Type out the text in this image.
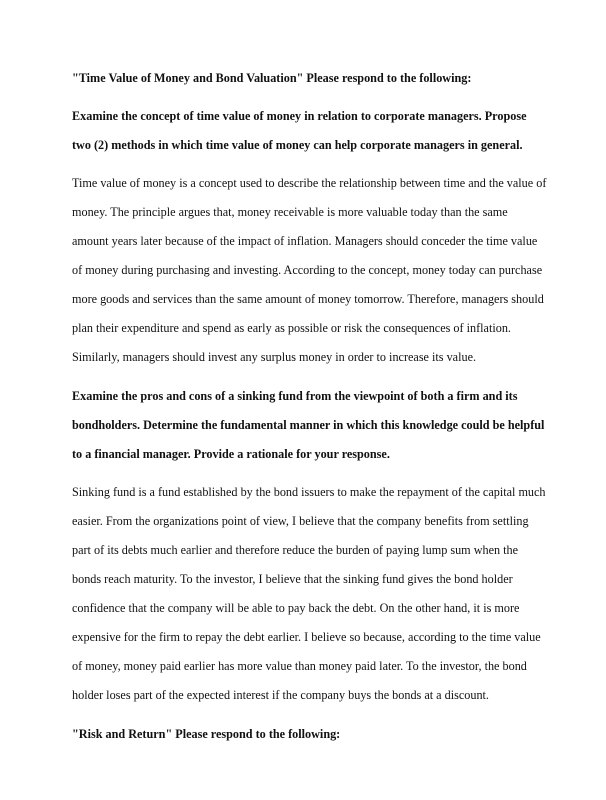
"Time Value of Money and Bond Valuation" Please respond to the following:

Examine the concept of time value of money in relation to corporate managers. Propose
two (2) methods in which time value of money can help corporate managers in general.

Time value of money is a concept used to describe the relationship between time and the value of
money. The principle argues that, money receivable is more valuable today than the same
amount years later because of the impact of inflation. Managers should conceder the time value
of money during purchasing and investing. According to the concept, money today can purchase
more goods and services than the same amount of money tomorrow. Therefore, managers should
plan their expenditure and spend as early as possible or risk the consequences of inflation.
Similarly, managers should invest any surplus money in order to increase its value.

Examine the pros and cons of a sinking fund from the viewpoint of both a firm and its
bondholders. Determine the fundamental manner in which this knowledge could be helpful
to a financial manager. Provide a rationale for your response.

Sinking fund is a fund established by the bond issuers to make the repayment of the capital much
easier. From the organizations point of view, I believe that the company benefits from settling
part of its debts much earlier and therefore reduce the burden of paying lump sum when the
bonds reach maturity. To the investor, I believe that the sinking fund gives the bond holder
confidence that the company will be able to pay back the debt. On the other hand, it is more
expensive for the firm to repay the debt earlier. I believe so because, according to the time value
of money, money paid earlier has more value than money paid later. To the investor, the bond
holder loses part of the expected interest if the company buys the bonds at a discount.

"Risk and Return" Please respond to the following:
